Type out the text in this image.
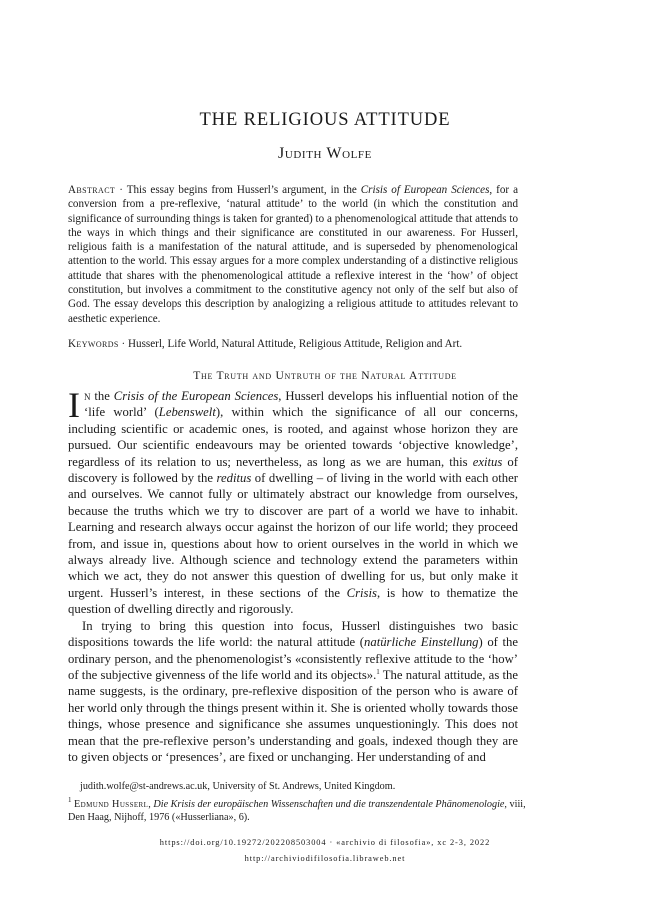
THE RELIGIOUS ATTITUDE
Judith Wolfe
Abstract · This essay begins from Husserl’s argument, in the Crisis of European Sciences, for a conversion from a pre-reflexive, ‘natural attitude’ to the world (in which the constitution and significance of surrounding things is taken for granted) to a phenomenological attitude that attends to the ways in which things and their significance are constituted in our awareness. For Husserl, religious faith is a manifestation of the natural attitude, and is superseded by phenomenological attention to the world. This essay argues for a more complex understanding of a distinctive religious attitude that shares with the phenomenological attitude a reflexive interest in the ‘how’ of object constitution, but involves a commitment to the constitutive agency not only of the self but also of God. The essay develops this description by analogizing a religious attitude to attitudes relevant to aesthetic experience.
Keywords · Husserl, Life World, Natural Attitude, Religious Attitude, Religion and Art.
The Truth and Untruth of the Natural Attitude

In the Crisis of the European Sciences, Husserl develops his influential notion of the ‘life world’ (Lebenswelt), within which the significance of all our concerns, including scientific or academic ones, is rooted, and against whose horizon they are pursued. Our scientific endeavours may be oriented towards ‘objective knowledge’, regardless of its relation to us; nevertheless, as long as we are human, this exitus of discovery is followed by the reditus of dwelling – of living in the world with each other and ourselves. We cannot fully or ultimately abstract our knowledge from ourselves, because the truths which we try to discover are part of a world we have to inhabit. Learning and research always occur against the horizon of our life world; they proceed from, and issue in, questions about how to orient ourselves in the world in which we always already live. Although science and technology extend the parameters within which we act, they do not answer this question of dwelling for us, but only make it urgent. Husserl’s interest, in these sections of the Crisis, is how to thematize the question of dwelling directly and rigorously.

In trying to bring this question into focus, Husserl distinguishes two basic dispositions towards the life world: the natural attitude (natürliche Einstellung) of the ordinary person, and the phenomenologist’s «consistently reflexive attitude to the ‘how’ of the subjective givenness of the life world and its objects».$^1$ The natural attitude, as the name suggests, is the ordinary, pre-reflexive disposition of the person who is aware of her world only through the things present within it. She is oriented wholly towards those things, whose presence and significance she assumes unquestioningly. This does not mean that the pre-reflexive person’s understanding and goals, indexed though they are to given objects or ‘presences’, are fixed or unchanging. Her understanding of and

judith.wolfe@st-andrews.ac.uk, University of St. Andrews, United Kingdom.

$^1$ Edmund Husserl, Die Krisis der europäischen Wissenschaften und die transzendentale Phänomenologie, viii, Den Haag, Nijhoff, 1976 («Husserliana», 6).

https://doi.org/10.19272/202208503004 · «archivio di filosofia», xc 2-3, 2022
http://archiviodifilosofia.libraweb.net
